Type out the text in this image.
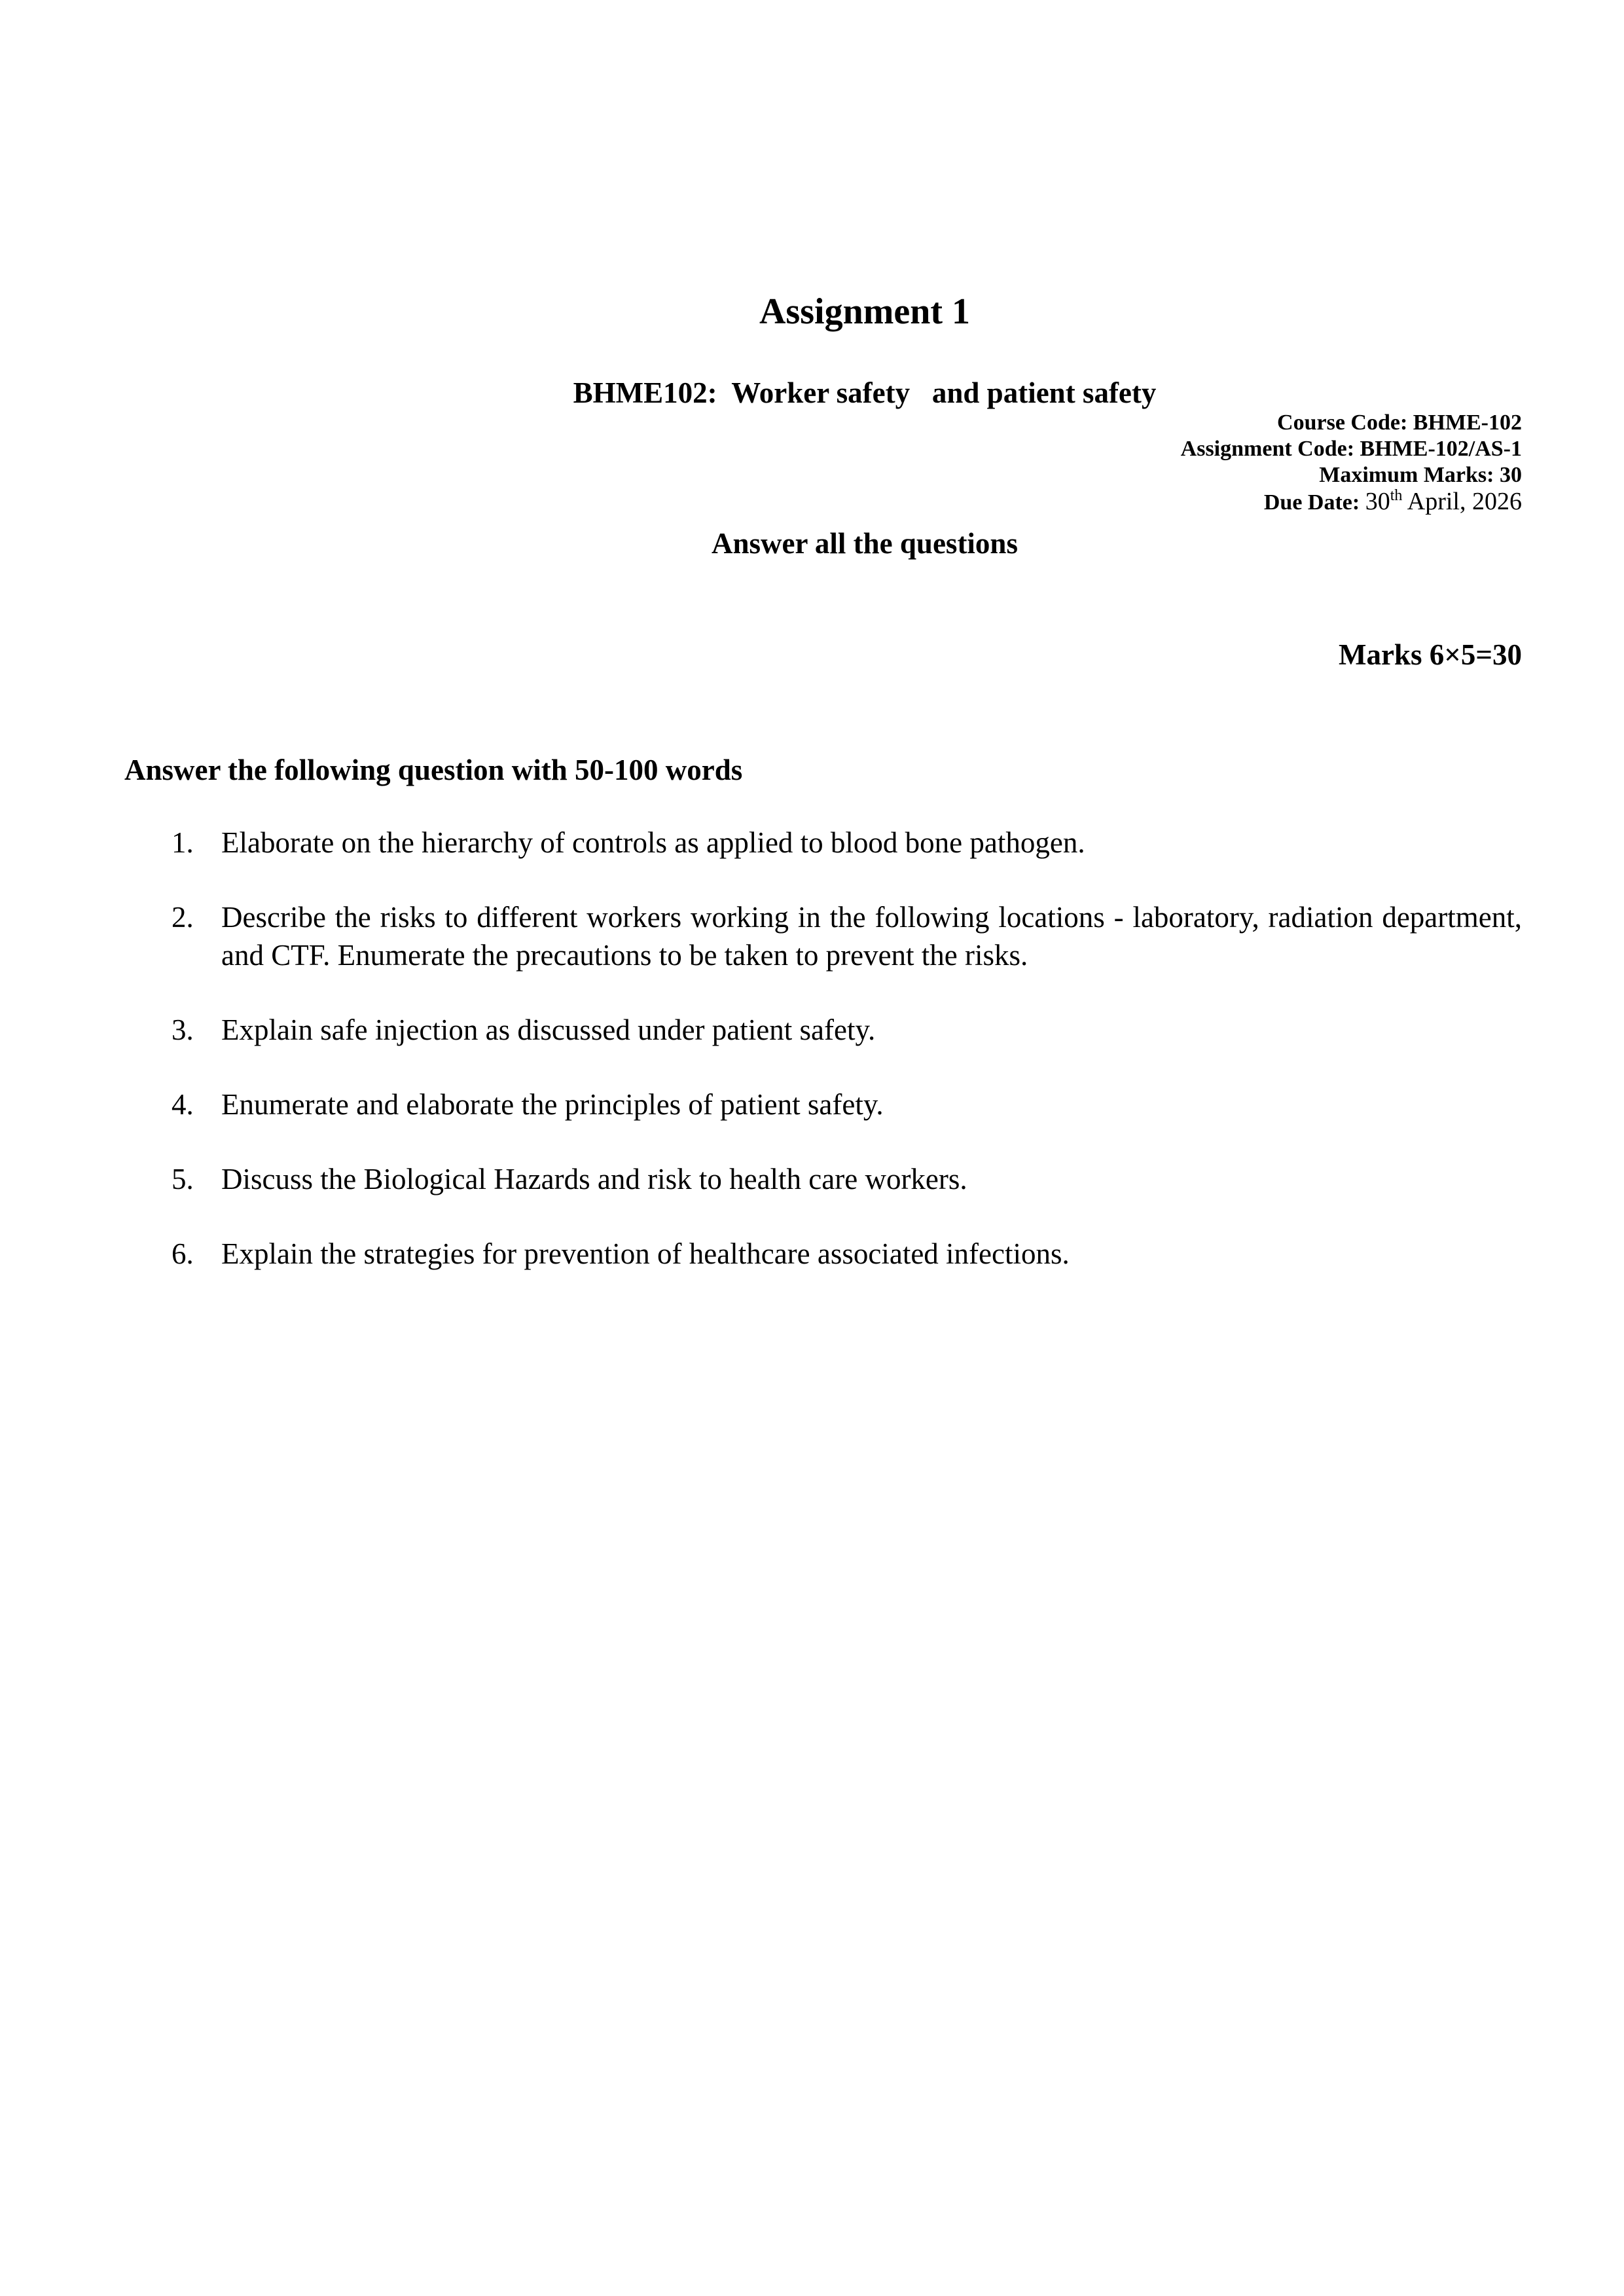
Assignment 1
BHME102:  Worker safety   and patient safety
Course Code: BHME-102
Assignment Code: BHME-102/AS-1
Maximum Marks: 30
Due Date: 30th April, 2026
Answer all the questions
Marks 6×5=30
Answer the following question with 50-100 words
1. Elaborate on the hierarchy of controls as applied to blood bone pathogen.
2. Describe the risks to different workers working in the following locations - laboratory, radiation department, and CTF. Enumerate the precautions to be taken to prevent the risks.
3. Explain safe injection as discussed under patient safety.
4. Enumerate and elaborate the principles of patient safety.
5. Discuss the Biological Hazards and risk to health care workers.
6. Explain the strategies for prevention of healthcare associated infections.
